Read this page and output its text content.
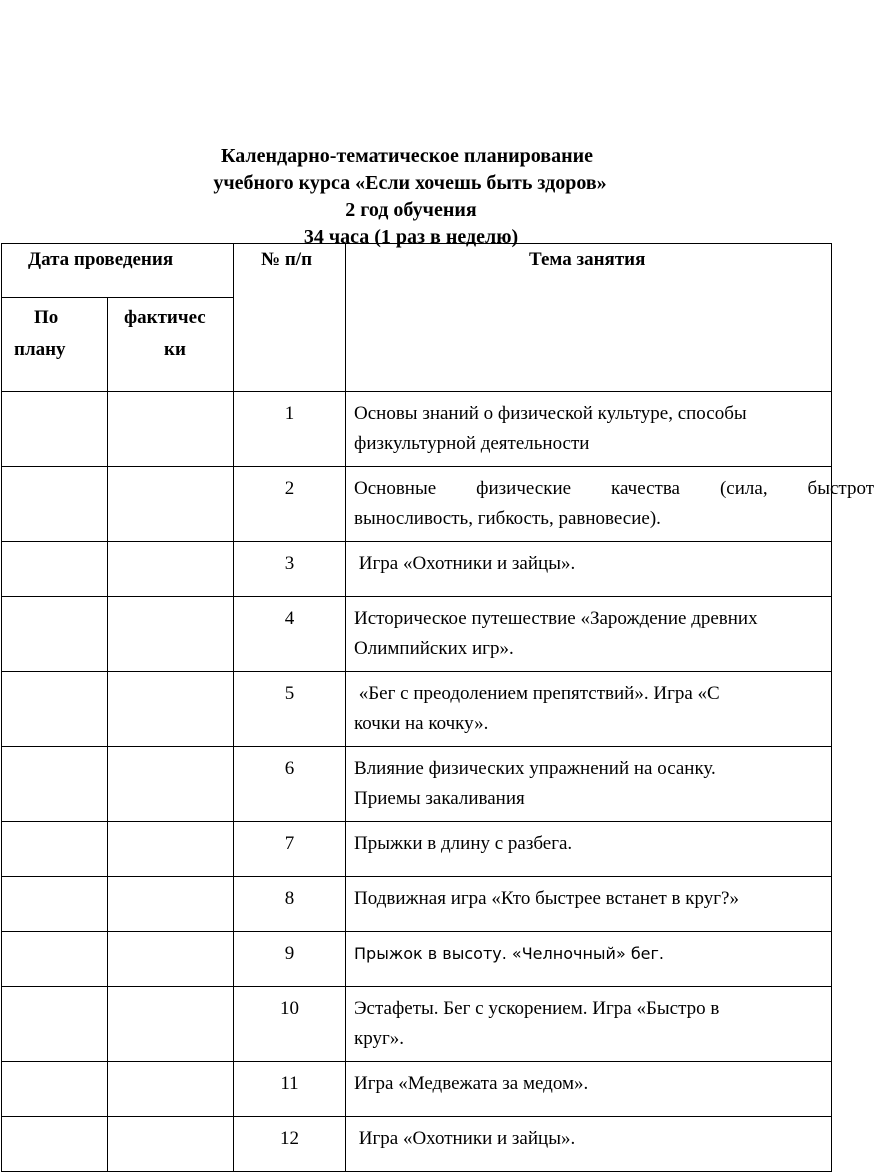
Календарно-тематическое планирование
учебного курса «Если хочешь быть здоров»
2 год обучения
34 часа (1 раз в неделю)
Дата проведения		№ п/п	Тема занятия

По
плану	фактичес
ки		

		1	Основы знаний о физической культуре, способы
физкультурной деятельности

		2	Основные  физические  качества  (сила,  быстрот
выносливость, гибкость, равновесие).

		3	Игра «Охотники и зайцы».

		4	Историческое путешествие «Зарождение древних
Олимпийских игр».

		5	«Бег с преодолением препятствий». Игра «С
кочки на кочку».

		6	Влияние физических упражнений на осанку.
Приемы закаливания

		7	Прыжки в длину с разбега.

		8	Подвижная игра «Кто быстрее встанет в круг?»

		9	Прыжок в высоту. «Челночный» бег.

		10	Эстафеты. Бег с ускорением. Игра «Быстро в
круг».

		11	Игра «Медвежата за медом».

		12	Игра «Охотники и зайцы».
